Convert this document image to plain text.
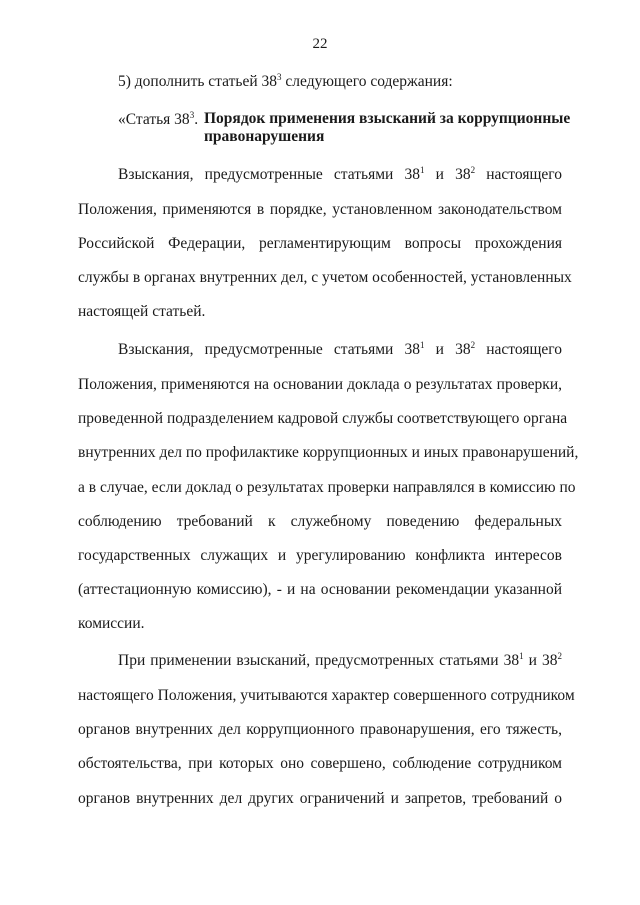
22
5) дополнить статьей $38^3$ следующего содержания:
«Статья $38^3$. Порядок применения взысканий за коррупционные правонарушения
Взыскания, предусмотренные статьями $38^1$ и $38^2$ настоящего
Положения, применяются в порядке, установленном законодательством
Российской Федерации, регламентирующим вопросы прохождения
службы в органах внутренних дел, с учетом особенностей, установленных
настоящей статьей.
Взыскания, предусмотренные статьями $38^1$ и $38^2$ настоящего
Положения, применяются на основании доклада о результатах проверки,
проведенной подразделением кадровой службы соответствующего органа
внутренних дел по профилактике коррупционных и иных правонарушений,
а в случае, если доклад о результатах проверки направлялся в комиссию по
соблюдению требований к служебному поведению федеральных
государственных служащих и урегулированию конфликта интересов
(аттестационную комиссию), - и на основании рекомендации указанной
комиссии.
При применении взысканий, предусмотренных статьями $38^1$ и $38^2$
настоящего Положения, учитываются характер совершенного сотрудником
органов внутренних дел коррупционного правонарушения, его тяжесть,
обстоятельства, при которых оно совершено, соблюдение сотрудником
органов внутренних дел других ограничений и запретов, требований о
